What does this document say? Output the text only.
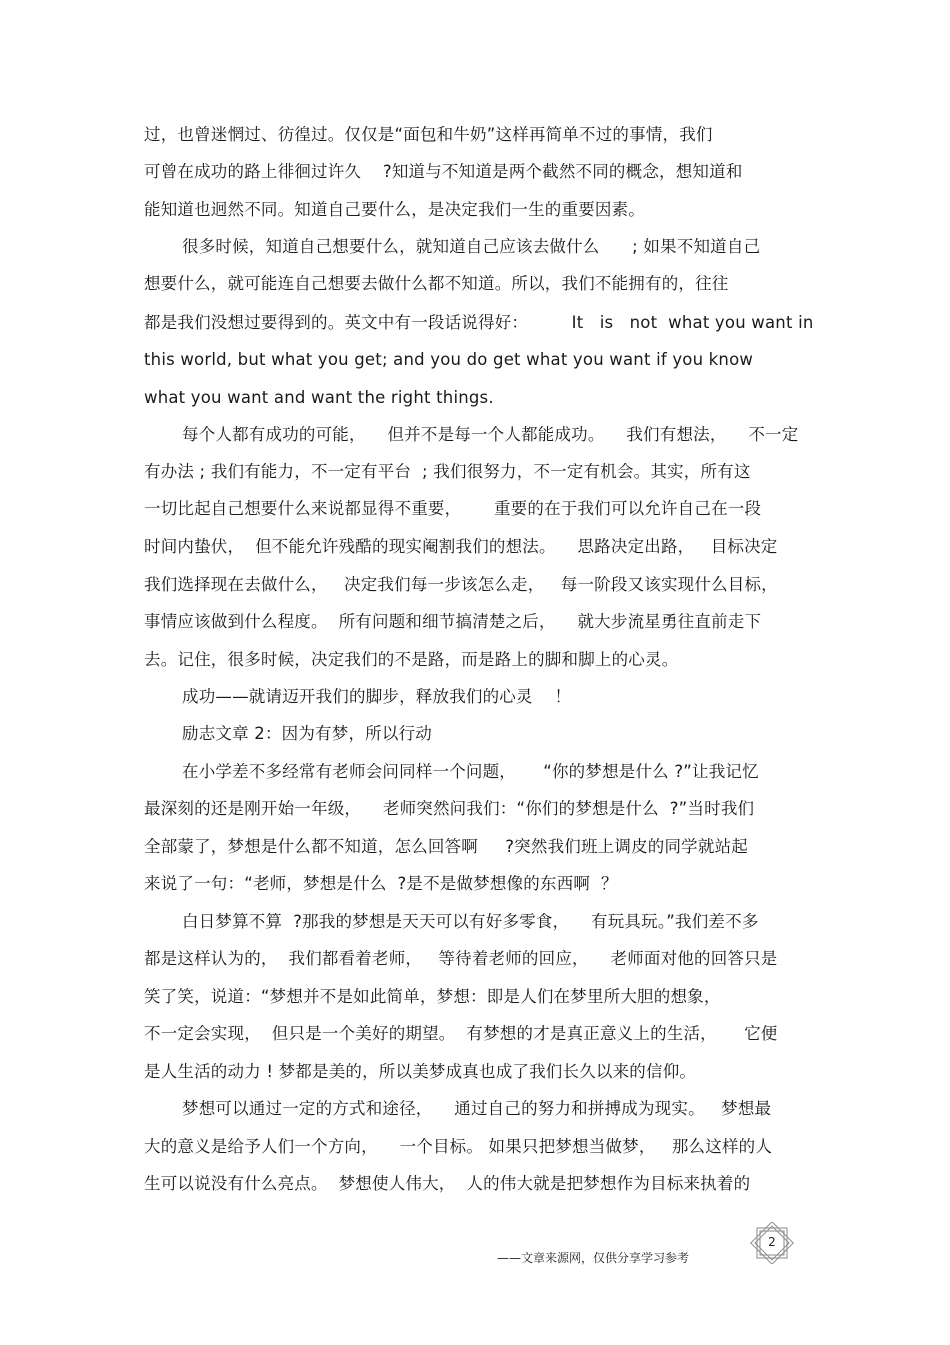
过，也曾迷惘过、彷徨过。仅仅是“面包和牛奶”这样再简单不过的事情，我们
可曾在成功的路上徘徊过许久    ?知道与不知道是两个截然不同的概念，想知道和
能知道也迥然不同。知道自己要什么，是决定我们一生的重要因素。
很多时候，知道自己想要什么，就知道自己应该去做什么      ; 如果不知道自己
想要什么，就可能连自己想要去做什么都不知道。所以，我们不能拥有的，往往
都是我们没想过要得到的。英文中有一段话说得好：        It   is   not  what you want in
this world, but what you get; and you do get what you want if you know
what you want and want the right things.
每个人都有成功的可能，    但并不是每一个人都能成功。    我们有想法，    不一定
有办法 ; 我们有能力，不一定有平台  ; 我们很努力，不一定有机会。其实，所有这
一切比起自己想要什么来说都显得不重要，      重要的在于我们可以允许自己在一段
时间内蛰伏，  但不能允许残酷的现实阉割我们的想法。    思路决定出路，   目标决定
我们选择现在去做什么，   决定我们每一步该怎么走，   每一阶段又该实现什么目标，
事情应该做到什么程度。  所有问题和细节搞清楚之后，    就大步流星勇往直前走下
去。记住，很多时候，决定我们的不是路，而是路上的脚和脚上的心灵。
成功——就请迈开我们的脚步，释放我们的心灵    ！
励志文章 2：因为有梦，所以行动
在小学差不多经常有老师会问同样一个问题，     “你的梦想是什么 ?”让我记忆
最深刻的还是刚开始一年级，    老师突然问我们：“你们的梦想是什么  ?”当时我们
全部蒙了，梦想是什么都不知道，怎么回答啊     ?突然我们班上调皮的同学就站起
来说了一句：“老师，梦想是什么  ?是不是做梦想像的东西啊  ？
白日梦算不算  ?那我的梦想是天天可以有好多零食，    有玩具玩。”我们差不多
都是这样认为的，  我们都看着老师，   等待着老师的回应，    老师面对他的回答只是
笑了笑，说道：“梦想并不是如此简单，梦想：即是人们在梦里所大胆的想象，
不一定会实现，  但只是一个美好的期望。  有梦想的才是真正意义上的生活，     它便
是人生活的动力 ! 梦都是美的，所以美梦成真也成了我们长久以来的信仰。
梦想可以通过一定的方式和途径，    通过自己的努力和拼搏成为现实。   梦想最
大的意义是给予人们一个方向，    一个目标。 如果只把梦想当做梦，   那么这样的人
生可以说没有什么亮点。  梦想使人伟大，  人的伟大就是把梦想作为目标来执着的
——文章来源网，仅供分享学习参考
2
